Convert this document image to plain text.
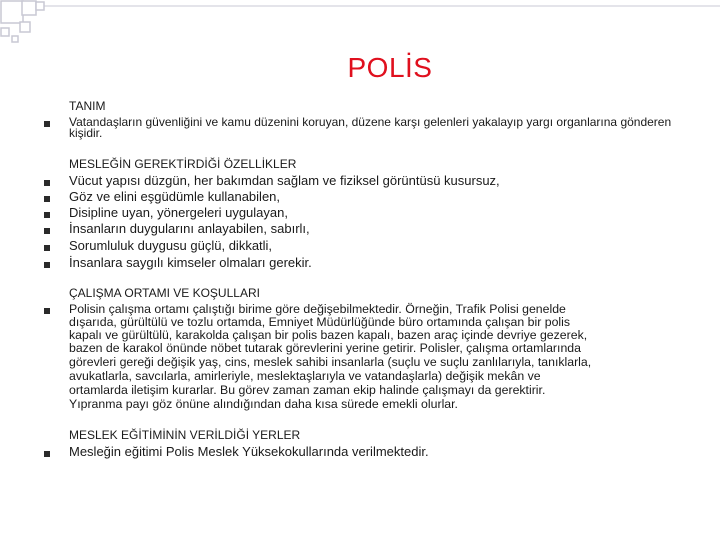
POLİS
TANIM
Vatandaşların güvenliğini ve kamu düzenini koruyan, düzene karşı gelenleri yakalayıp yargı organlarına gönderen
kişidir.
MESLEĞİN GEREKTİRDİĞİ ÖZELLİKLER
Vücut yapısı düzgün, her bakımdan sağlam ve fiziksel görüntüsü kusursuz,
Göz ve elini eşgüdümle kullanabilen,
Disipline uyan, yönergeleri uygulayan,
İnsanların duygularını anlayabilen, sabırlı,
Sorumluluk duygusu güçlü, dikkatli,
İnsanlara saygılı kimseler olmaları gerekir.
ÇALIŞMA ORTAMI VE KOŞULLARI
Polisin çalışma ortamı çalıştığı birime göre değişebilmektedir. Örneğin, Trafik Polisi genelde
dışarıda, gürültülü ve tozlu ortamda, Emniyet Müdürlüğünde büro ortamında çalışan bir polis
kapalı ve gürültülü, karakolda çalışan bir polis bazen kapalı, bazen araç içinde devriye gezerek,
bazen de karakol önünde nöbet tutarak görevlerini yerine getirir. Polisler, çalışma ortamlarında
görevleri gereği değişik yaş, cins, meslek sahibi insanlarla (suçlu ve suçlu zanlılarıyla, tanıklarla,
avukatlarla, savcılarla, amirleriyle, meslektaşlarıyla ve vatandaşlarla) değişik mekân ve
ortamlarda iletişim kurarlar. Bu görev zaman zaman ekip halinde çalışmayı da gerektirir.
Yıpranma payı göz önüne alındığından daha kısa sürede emekli olurlar.
MESLEK EĞİTİMİNİN VERİLDİĞİ YERLER
Mesleğin eğitimi Polis Meslek Yüksekokullarında verilmektedir.
